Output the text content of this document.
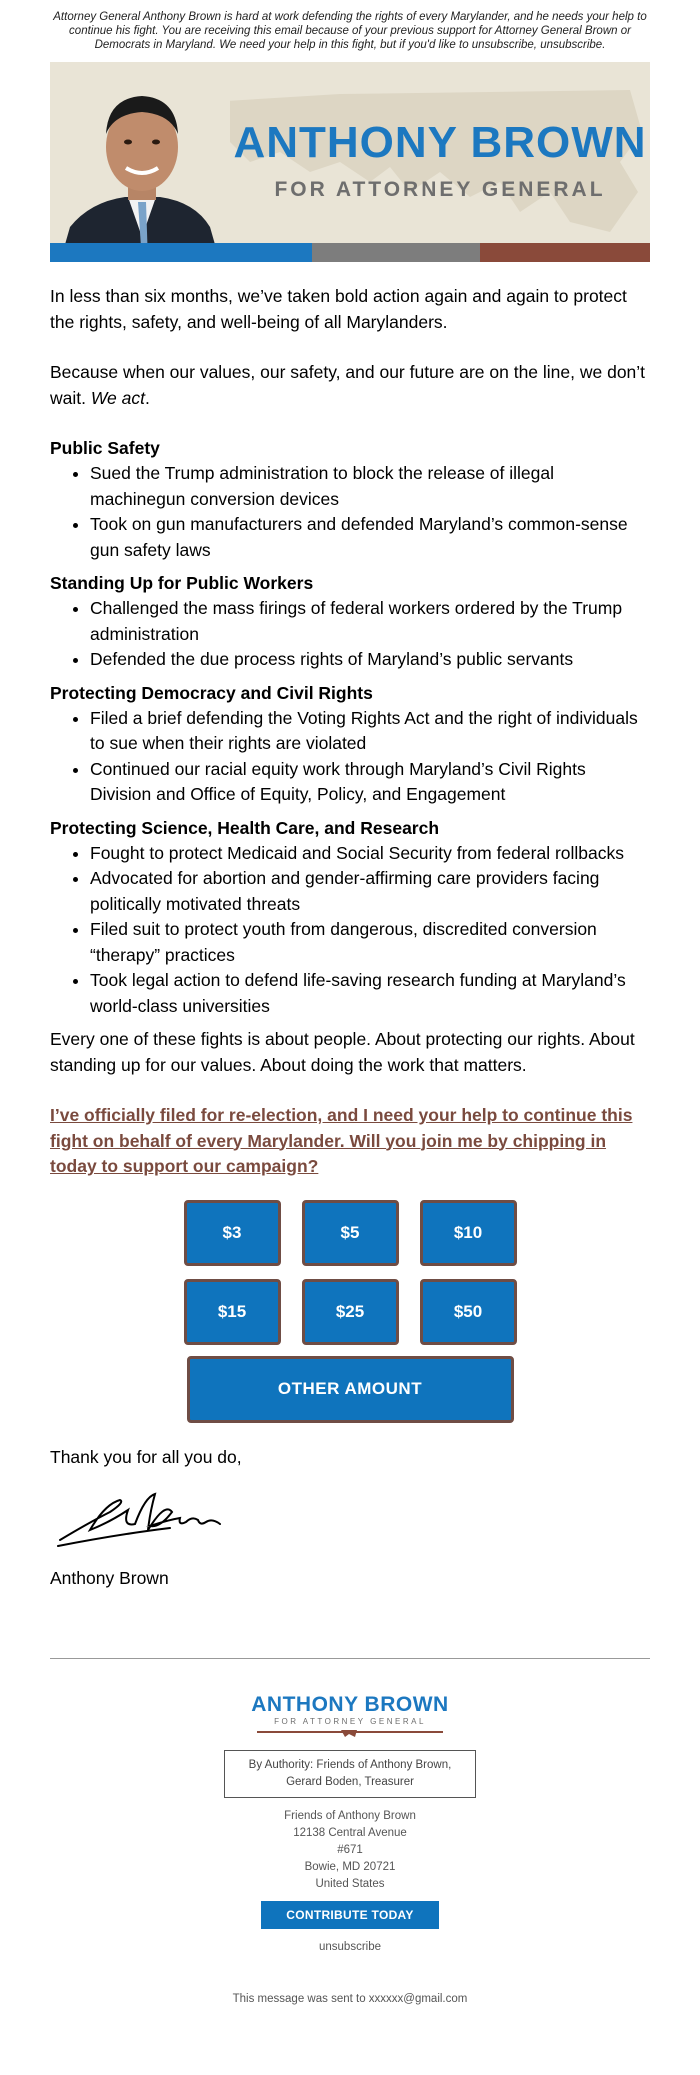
Attorney General Anthony Brown is hard at work defending the rights of every Marylander, and he needs your help to continue his fight. You are receiving this email because of your previous support for Attorney General Brown or Democrats in Maryland. We need your help in this fight, but if you'd like to unsubscribe, unsubscribe.
ANTHONY BROWN
FOR ATTORNEY GENERAL

In less than six months, we’ve taken bold action again and again to protect the rights, safety, and well-being of all Marylanders.

Because when our values, our safety, and our future are on the line, we don’t wait. We act.

Public Safety
• Sued the Trump administration to block the release of illegal machinegun conversion devices
• Took on gun manufacturers and defended Maryland’s common-sense gun safety laws
Standing Up for Public Workers
• Challenged the mass firings of federal workers ordered by the Trump administration
• Defended the due process rights of Maryland’s public servants
Protecting Democracy and Civil Rights
• Filed a brief defending the Voting Rights Act and the right of individuals to sue when their rights are violated
• Continued our racial equity work through Maryland’s Civil Rights Division and Office of Equity, Policy, and Engagement
Protecting Science, Health Care, and Research
• Fought to protect Medicaid and Social Security from federal rollbacks
• Advocated for abortion and gender-affirming care providers facing politically motivated threats
• Filed suit to protect youth from dangerous, discredited conversion “therapy” practices
• Took legal action to defend life-saving research funding at Maryland’s world-class universities

Every one of these fights is about people. About protecting our rights. About standing up for our values. About doing the work that matters.

I’ve officially filed for re-election, and I need your help to continue this fight on behalf of every Marylander. Will you join me by chipping in today to support our campaign?
$3	$5	$10
$15	$25	$50
OTHER AMOUNT

Thank you for all you do,

Anthony Brown

ANTHONY BROWN
FOR ATTORNEY GENERAL
By Authority: Friends of Anthony Brown,
Gerard Boden, Treasurer
Friends of Anthony Brown
12138 Central Avenue
#671
Bowie, MD 20721
United States
CONTRIBUTE TODAY
unsubscribe
This message was sent to xxxxxx@gmail.com
